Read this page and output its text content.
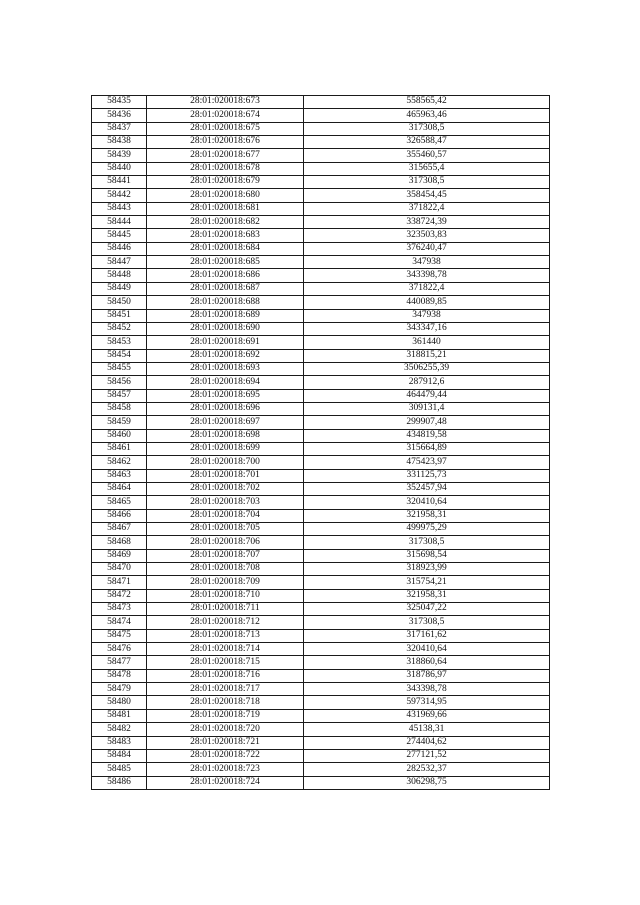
58435	28:01:020018:673	558565,42
58436	28:01:020018:674	465963,46
58437	28:01:020018:675	317308,5
58438	28:01:020018:676	326588,47
58439	28:01:020018:677	355460,57
58440	28:01:020018:678	315655,4
58441	28:01:020018:679	317308,5
58442	28:01:020018:680	358454,45
58443	28:01:020018:681	371822,4
58444	28:01:020018:682	338724,39
58445	28:01:020018:683	323503,83
58446	28:01:020018:684	376240,47
58447	28:01:020018:685	347938
58448	28:01:020018:686	343398,78
58449	28:01:020018:687	371822,4
58450	28:01:020018:688	440089,85
58451	28:01:020018:689	347938
58452	28:01:020018:690	343347,16
58453	28:01:020018:691	361440
58454	28:01:020018:692	318815,21
58455	28:01:020018:693	3506255,39
58456	28:01:020018:694	287912,6
58457	28:01:020018:695	464479,44
58458	28:01:020018:696	309131,4
58459	28:01:020018:697	299907,48
58460	28:01:020018:698	434819,58
58461	28:01:020018:699	315664,89
58462	28:01:020018:700	475423,97
58463	28:01:020018:701	331125,73
58464	28:01:020018:702	352457,94
58465	28:01:020018:703	320410,64
58466	28:01:020018:704	321958,31
58467	28:01:020018:705	499975,29
58468	28:01:020018:706	317308,5
58469	28:01:020018:707	315698,54
58470	28:01:020018:708	318923,99
58471	28:01:020018:709	315754,21
58472	28:01:020018:710	321958,31
58473	28:01:020018:711	325047,22
58474	28:01:020018:712	317308,5
58475	28:01:020018:713	317161,62
58476	28:01:020018:714	320410,64
58477	28:01:020018:715	318860,64
58478	28:01:020018:716	318786,97
58479	28:01:020018:717	343398,78
58480	28:01:020018:718	597314,95
58481	28:01:020018:719	431969,66
58482	28:01:020018:720	45138,31
58483	28:01:020018:721	274404,62
58484	28:01:020018:722	277121,52
58485	28:01:020018:723	282532,37
58486	28:01:020018:724	306298,75
